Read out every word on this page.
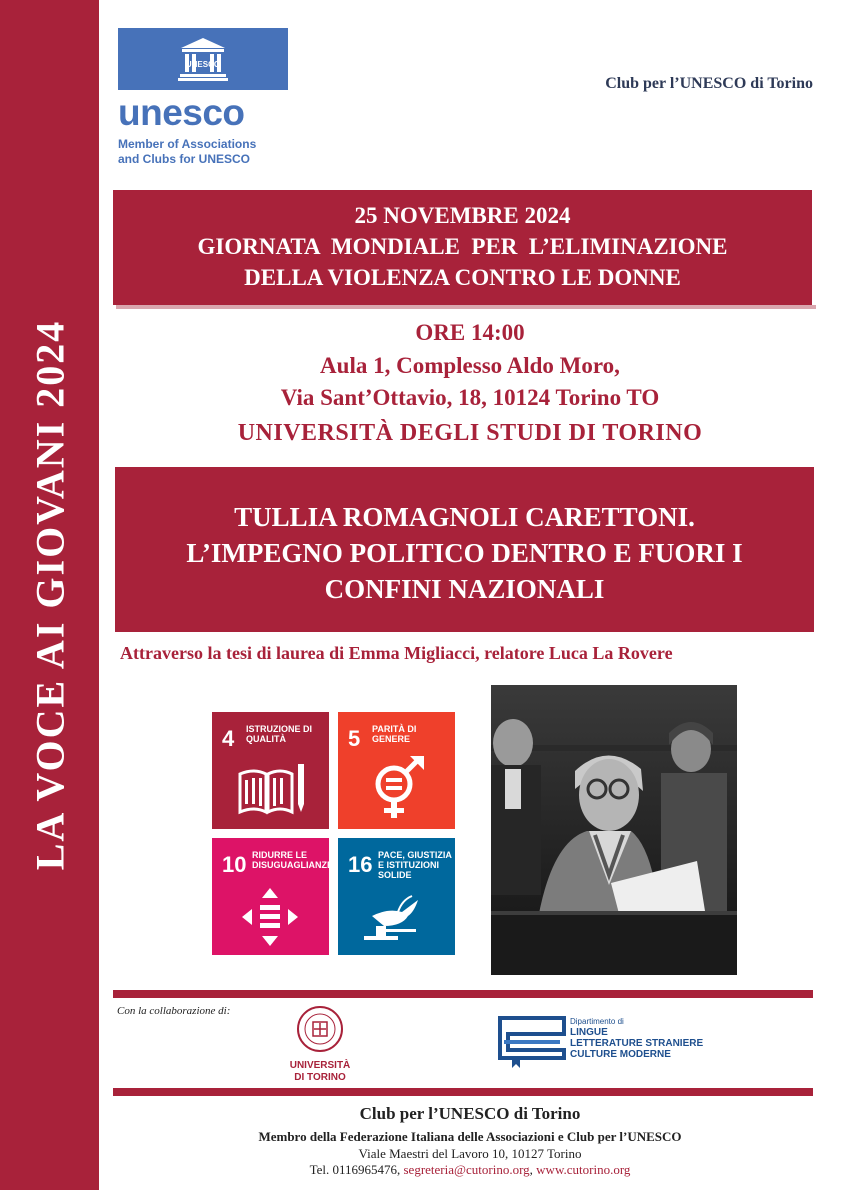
LA VOCE AI GIOVANI 2024
UNESCO
unesco
Member of Associations
and Clubs for UNESCO
Club per l’UNESCO di Torino
25 NOVEMBRE 2024
GIORNATA  MONDIALE  PER  L’ELIMINAZIONE
DELLA VIOLENZA CONTRO LE DONNE
ORE 14:00
Aula 1, Complesso Aldo Moro,
Via Sant’Ottavio, 18, 10124 Torino TO
UNIVERSITÀ DEGLI STUDI DI TORINO
TULLIA ROMAGNOLI CARETTONI.
L’IMPEGNO POLITICO DENTRO E FUORI I
CONFINI NAZIONALI
Attraverso la tesi di laurea di Emma Migliacci, relatore Luca La Rovere
4 ISTRUZIONE DI QUALITÀ	5 PARITÀ DI GENERE
10 RIDURRE LE DISUGUAGLIANZE 16 PACE, GIUSTIZIA E ISTITUZIONI SOLIDE
Con la collaborazione di:
UNIVERSITÀ
DI TORINO
Dipartimento di
LINGUE
LETTERATURE STRANIERE
CULTURE MODERNE
Club per l’UNESCO di Torino
Membro della Federazione Italiana delle Associazioni e Club per l’UNESCO
Viale Maestri del Lavoro 10, 10127 Torino
Tel. 0116965476, segreteria@cutorino.org, www.cutorino.org
